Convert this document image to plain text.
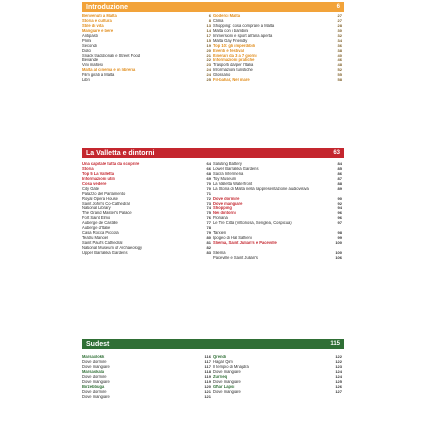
Introduzione	6
Benvenuti a Malta	6
Storia e cultura	8
Stile di vita	13
Mangiare e bere	14
Antipasti	17
Primi	15
Secondi	19
Dolci	20
Snack tradizionali e Street Food	21
Bevande	22
Vini maltesi	23
Malta al cinema e in libreria	24
Film girati a Malta	24
Libri	25
Goderci Malta	27
Clima	27
Shopping: cosa comprare a Malta	28
Malta con i bambini	30
Immersioni e sport all'aria aperta	32
Malta Gay Friendly	34
Top 10: gli imperdibili	36
Eventi e festival	38
Itinerari da 3 a 7 giorni	40
Informazioni pratiche	46
Trasporti da/per l'Italia	48
Informazioni turistiche	52
Glossario	55
Fil-bahar, Nel mare	58
La Valletta e dintorni	63
Una capitale tutta da scoprire	64
Storia	66
Top 5 La Valletta	68
Informazioni utili	69
Cosa vedere	70
City Gate	70
Palazzo del Parlamento	71
Royal Opera House	72
Saint John's Co-Cathedral	73
National Library	74
The Grand Master's Palace	75
Fort Saint Elmo	76
Auberge de Castille	77
Auberge d'Italie	78
Casa Rocca Piccola	79
Teatru Manoel	80
Saint Paul's Cathedral	81
National Museum of Archaeology	82
Upper Barrakka Gardens	83
Saluting Battery	84
Lower Barrakka Gardens	85
Sacra Infermeria	86
Toy Museum	87
La Valletta Waterfront	88
La Storia di Malta nella rappresentazione audiovisiva	89
Dove dormire	90
Dove mangiare	92
Shopping	94
Nei dintorni	96
Floriana	96
Le Tre Città (Vittoriosa, Senglea, Cospicua)	97
Tarxien	98
Ipogeo di Hal Saflieni	99
Sliema, Saint Julian's e Paceville	100
Sliema	100
Paceville e Saint Julian's	106
Sudest	115
Marsaxlokk	116
Dove dormire	117
Dove mangiare	117
Marsaskala	118
Dove dormire	119
Dove mangiare	119
Birżebbuġa	120
Dove dormire	121
Dove mangiare	121
Qrendi	122
Hagar Qim	122
Il tempio di Mnajdra	123
Dove mangiare	124
Żurrieq	124
Dove mangiare	125
Għar Lapsi	126
Dove mangiare	127
